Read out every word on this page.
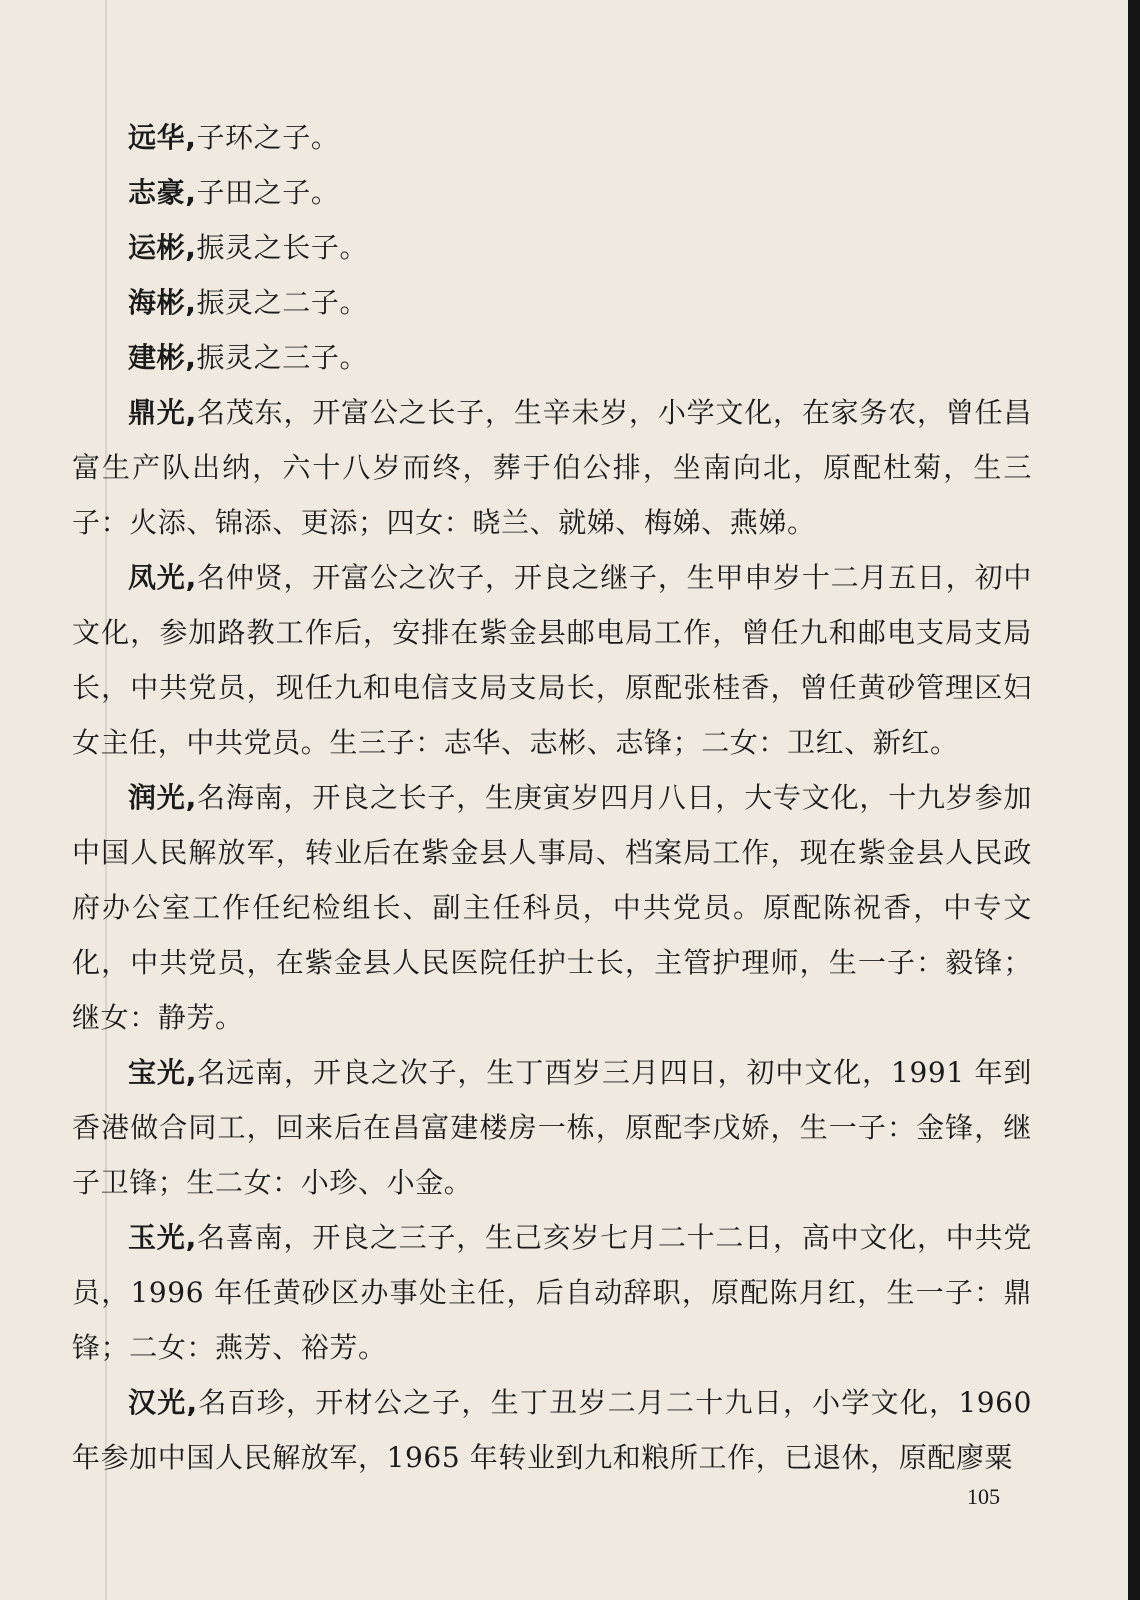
远华,子环之子。

志豪,子田之子。

运彬,振灵之长子。

海彬,振灵之二子。

建彬,振灵之三子。

鼎光,名茂东，开富公之长子，生辛未岁，小学文化，在家务农，曾任昌富生产队出纳，六十八岁而终，葬于伯公排，坐南向北，原配杜菊，生三子：火添、锦添、更添；四女：晓兰、就娣、梅娣、燕娣。

凤光,名仲贤，开富公之次子，开良之继子，生甲申岁十二月五日，初中文化，参加路教工作后，安排在紫金县邮电局工作，曾任九和邮电支局支局长，中共党员，现任九和电信支局支局长，原配张桂香，曾任黄砂管理区妇女主任，中共党员。生三子：志华、志彬、志锋；二女：卫红、新红。

润光,名海南，开良之长子，生庚寅岁四月八日，大专文化，十九岁参加中国人民解放军，转业后在紫金县人事局、档案局工作，现在紫金县人民政府办公室工作任纪检组长、副主任科员，中共党员。原配陈祝香，中专文化，中共党员，在紫金县人民医院任护士长，主管护理师，生一子：毅锋；继女：静芳。

宝光,名远南，开良之次子，生丁酉岁三月四日，初中文化，1991 年到香港做合同工，回来后在昌富建楼房一栋，原配李戊娇，生一子：金锋，继子卫锋；生二女：小珍、小金。

玉光,名喜南，开良之三子，生己亥岁七月二十二日，高中文化，中共党员，1996 年任黄砂区办事处主任，后自动辞职，原配陈月红，生一子：鼎锋；二女：燕芳、裕芳。

汉光,名百珍，开材公之子，生丁丑岁二月二十九日，小学文化，1960 年参加中国人民解放军，1965 年转业到九和粮所工作，已退休，原配廖粟

105
